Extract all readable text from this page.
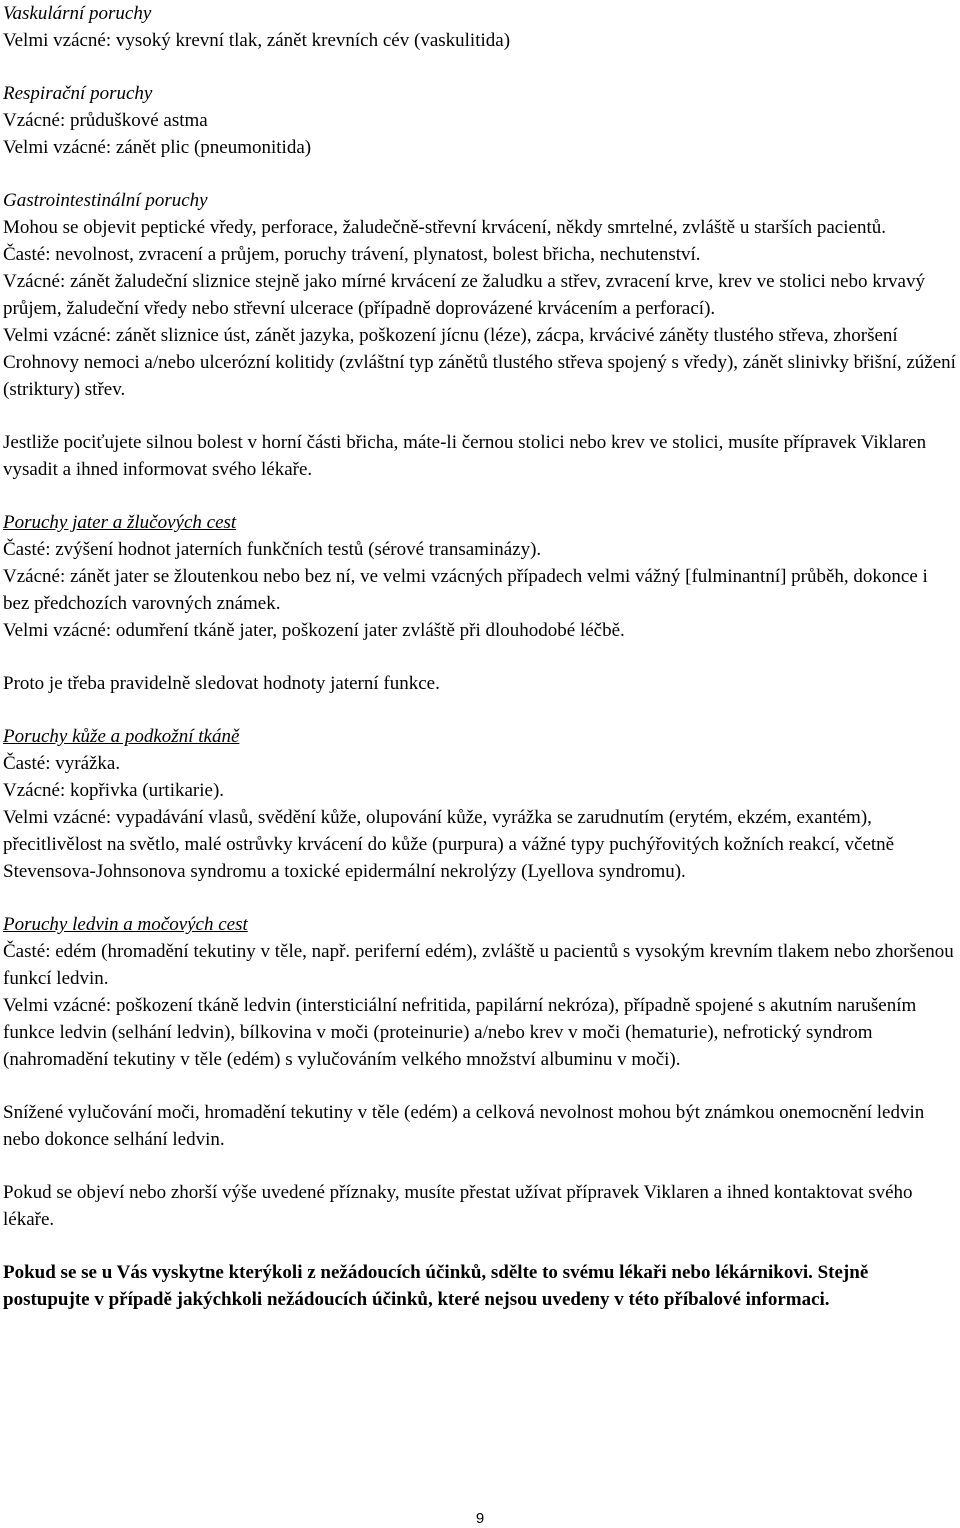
Vaskulární poruchy

Velmi vzácné: vysoký krevní tlak, zánět krevních cév (vaskulitida)

Respirační poruchy

Vzácné: průduškové astma

Velmi vzácné: zánět plic (pneumonitida)

Gastrointestinální poruchy

Mohou se objevit peptické vředy, perforace, žaludečně-střevní krvácení, někdy smrtelné, zvláště u starších pacientů.

Časté: nevolnost, zvracení a průjem, poruchy trávení, plynatost, bolest břicha, nechutenství.

Vzácné: zánět žaludeční sliznice stejně jako mírné krvácení ze žaludku a střev, zvracení krve, krev ve stolici nebo krvavý průjem, žaludeční vředy nebo střevní ulcerace (případně doprovázené krvácením a perforací).

Velmi vzácné: zánět sliznice úst, zánět jazyka, poškození jícnu (léze), zácpa, krvácivé záněty tlustého střeva, zhoršení Crohnovy nemoci a/nebo ulcerózní kolitidy (zvláštní typ zánětů tlustého střeva spojený s vředy), zánět slinivky břišní, zúžení (striktury) střev.

Jestliže pociťujete silnou bolest v horní části břicha, máte-li černou stolici nebo krev ve stolici, musíte přípravek Viklaren vysadit a ihned informovat svého lékaře.

Poruchy jater a žlučových cest

Časté: zvýšení hodnot jaterních funkčních testů (sérové transaminázy).

Vzácné: zánět jater se žloutenkou nebo bez ní, ve velmi vzácných případech velmi vážný [fulminantní] průběh, dokonce i bez předchozích varovných známek.

Velmi vzácné: odumření tkáně jater, poškození jater zvláště při dlouhodobé léčbě.

Proto je třeba pravidelně sledovat hodnoty jaterní funkce.

Poruchy kůže a podkožní tkáně

Časté: vyrážka.

Vzácné: kopřivka (urtikarie).

Velmi vzácné: vypadávání vlasů, svědění kůže, olupování kůže, vyrážka se zarudnutím (erytém, ekzém, exantém), přecitlivělost na světlo, malé ostrůvky krvácení do kůže (purpura) a vážné typy puchýřovitých kožních reakcí, včetně Stevensova-Johnsonova syndromu a toxické epidermální nekrolýzy (Lyellova syndromu).

Poruchy ledvin a močových cest

Časté: edém (hromadění tekutiny v těle, např. periferní edém), zvláště u pacientů s vysokým krevním tlakem nebo zhoršenou funkcí ledvin.

Velmi vzácné: poškození tkáně ledvin (intersticiální nefritida, papilární nekróza), případně spojené s akutním narušením funkce ledvin (selhání ledvin), bílkovina v moči (proteinurie) a/nebo krev v moči (hematurie), nefrotický syndrom (nahromadění tekutiny v těle (edém) s vylučováním velkého množství albuminu v moči).

Snížené vylučování moči, hromadění tekutiny v těle (edém) a celková nevolnost mohou být známkou onemocnění ledvin nebo dokonce selhání ledvin.

Pokud se objeví nebo zhorší výše uvedené příznaky, musíte přestat užívat přípravek Viklaren a ihned kontaktovat svého lékaře.

Pokud se se u Vás vyskytne kterýkoli z nežádoucích účinků, sdělte to svému lékaři nebo lékárnikovi. Stejně postupujte v případě jakýchkoli nežádoucích účinků, které nejsou uvedeny v této příbalové informaci.

9
